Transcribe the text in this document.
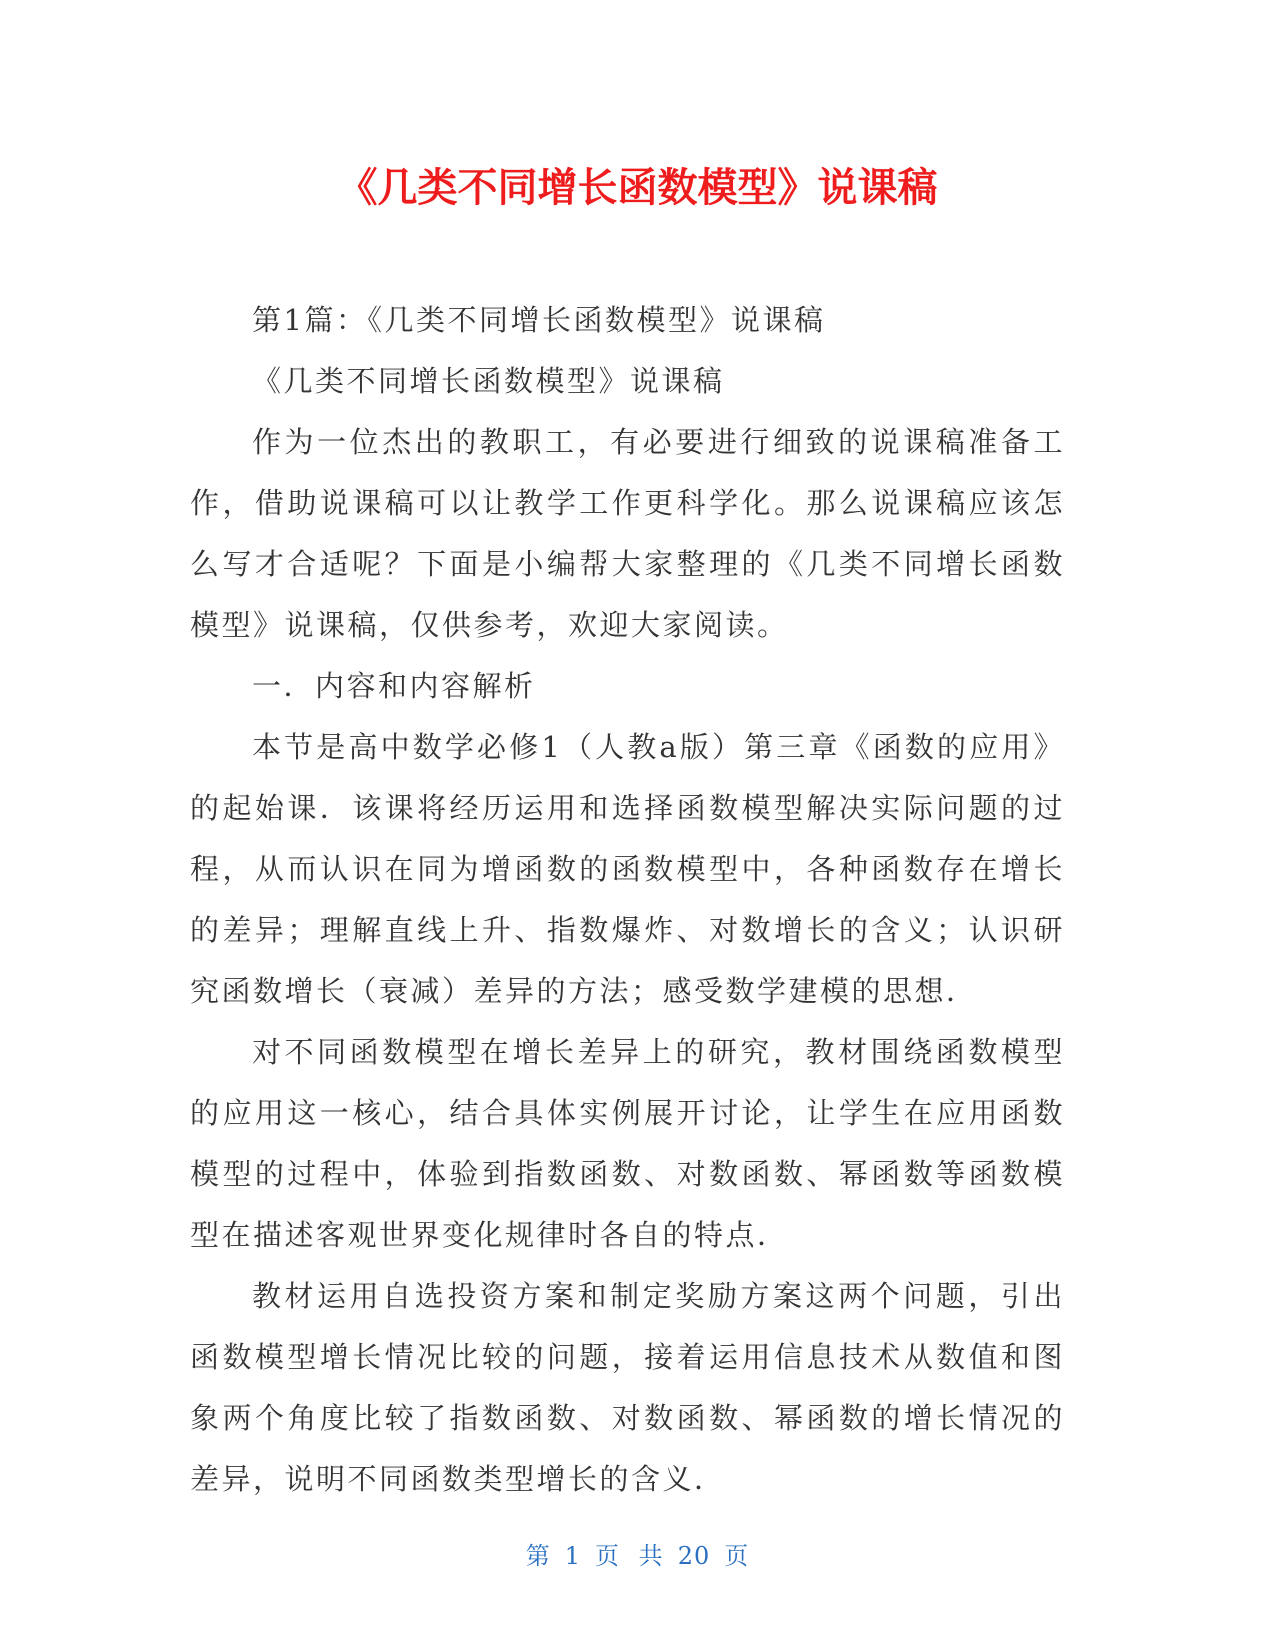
《几类不同增长函数模型》说课稿

第1篇：《几类不同增长函数模型》说课稿

《几类不同增长函数模型》说课稿

作为一位杰出的教职工，有必要进行细致的说课稿准备工作，借助说课稿可以让教学工作更科学化。那么说课稿应该怎么写才合适呢？下面是小编帮大家整理的《几类不同增长函数模型》说课稿，仅供参考，欢迎大家阅读。

一．内容和内容解析

本节是高中数学必修1（人教a版）第三章《函数的应用》的起始课．该课将经历运用和选择函数模型解决实际问题的过程，从而认识在同为增函数的函数模型中，各种函数存在增长的差异；理解直线上升、指数爆炸、对数增长的含义；认识研究函数增长（衰减）差异的方法；感受数学建模的思想．

对不同函数模型在增长差异上的研究，教材围绕函数模型的应用这一核心，结合具体实例展开讨论，让学生在应用函数模型的过程中，体验到指数函数、对数函数、幂函数等函数模型在描述客观世界变化规律时各自的特点．

教材运用自选投资方案和制定奖励方案这两个问题，引出函数模型增长情况比较的问题，接着运用信息技术从数值和图象两个角度比较了指数函数、对数函数、幂函数的增长情况的差异，说明不同函数类型增长的含义．

第 1 页 共 20 页
